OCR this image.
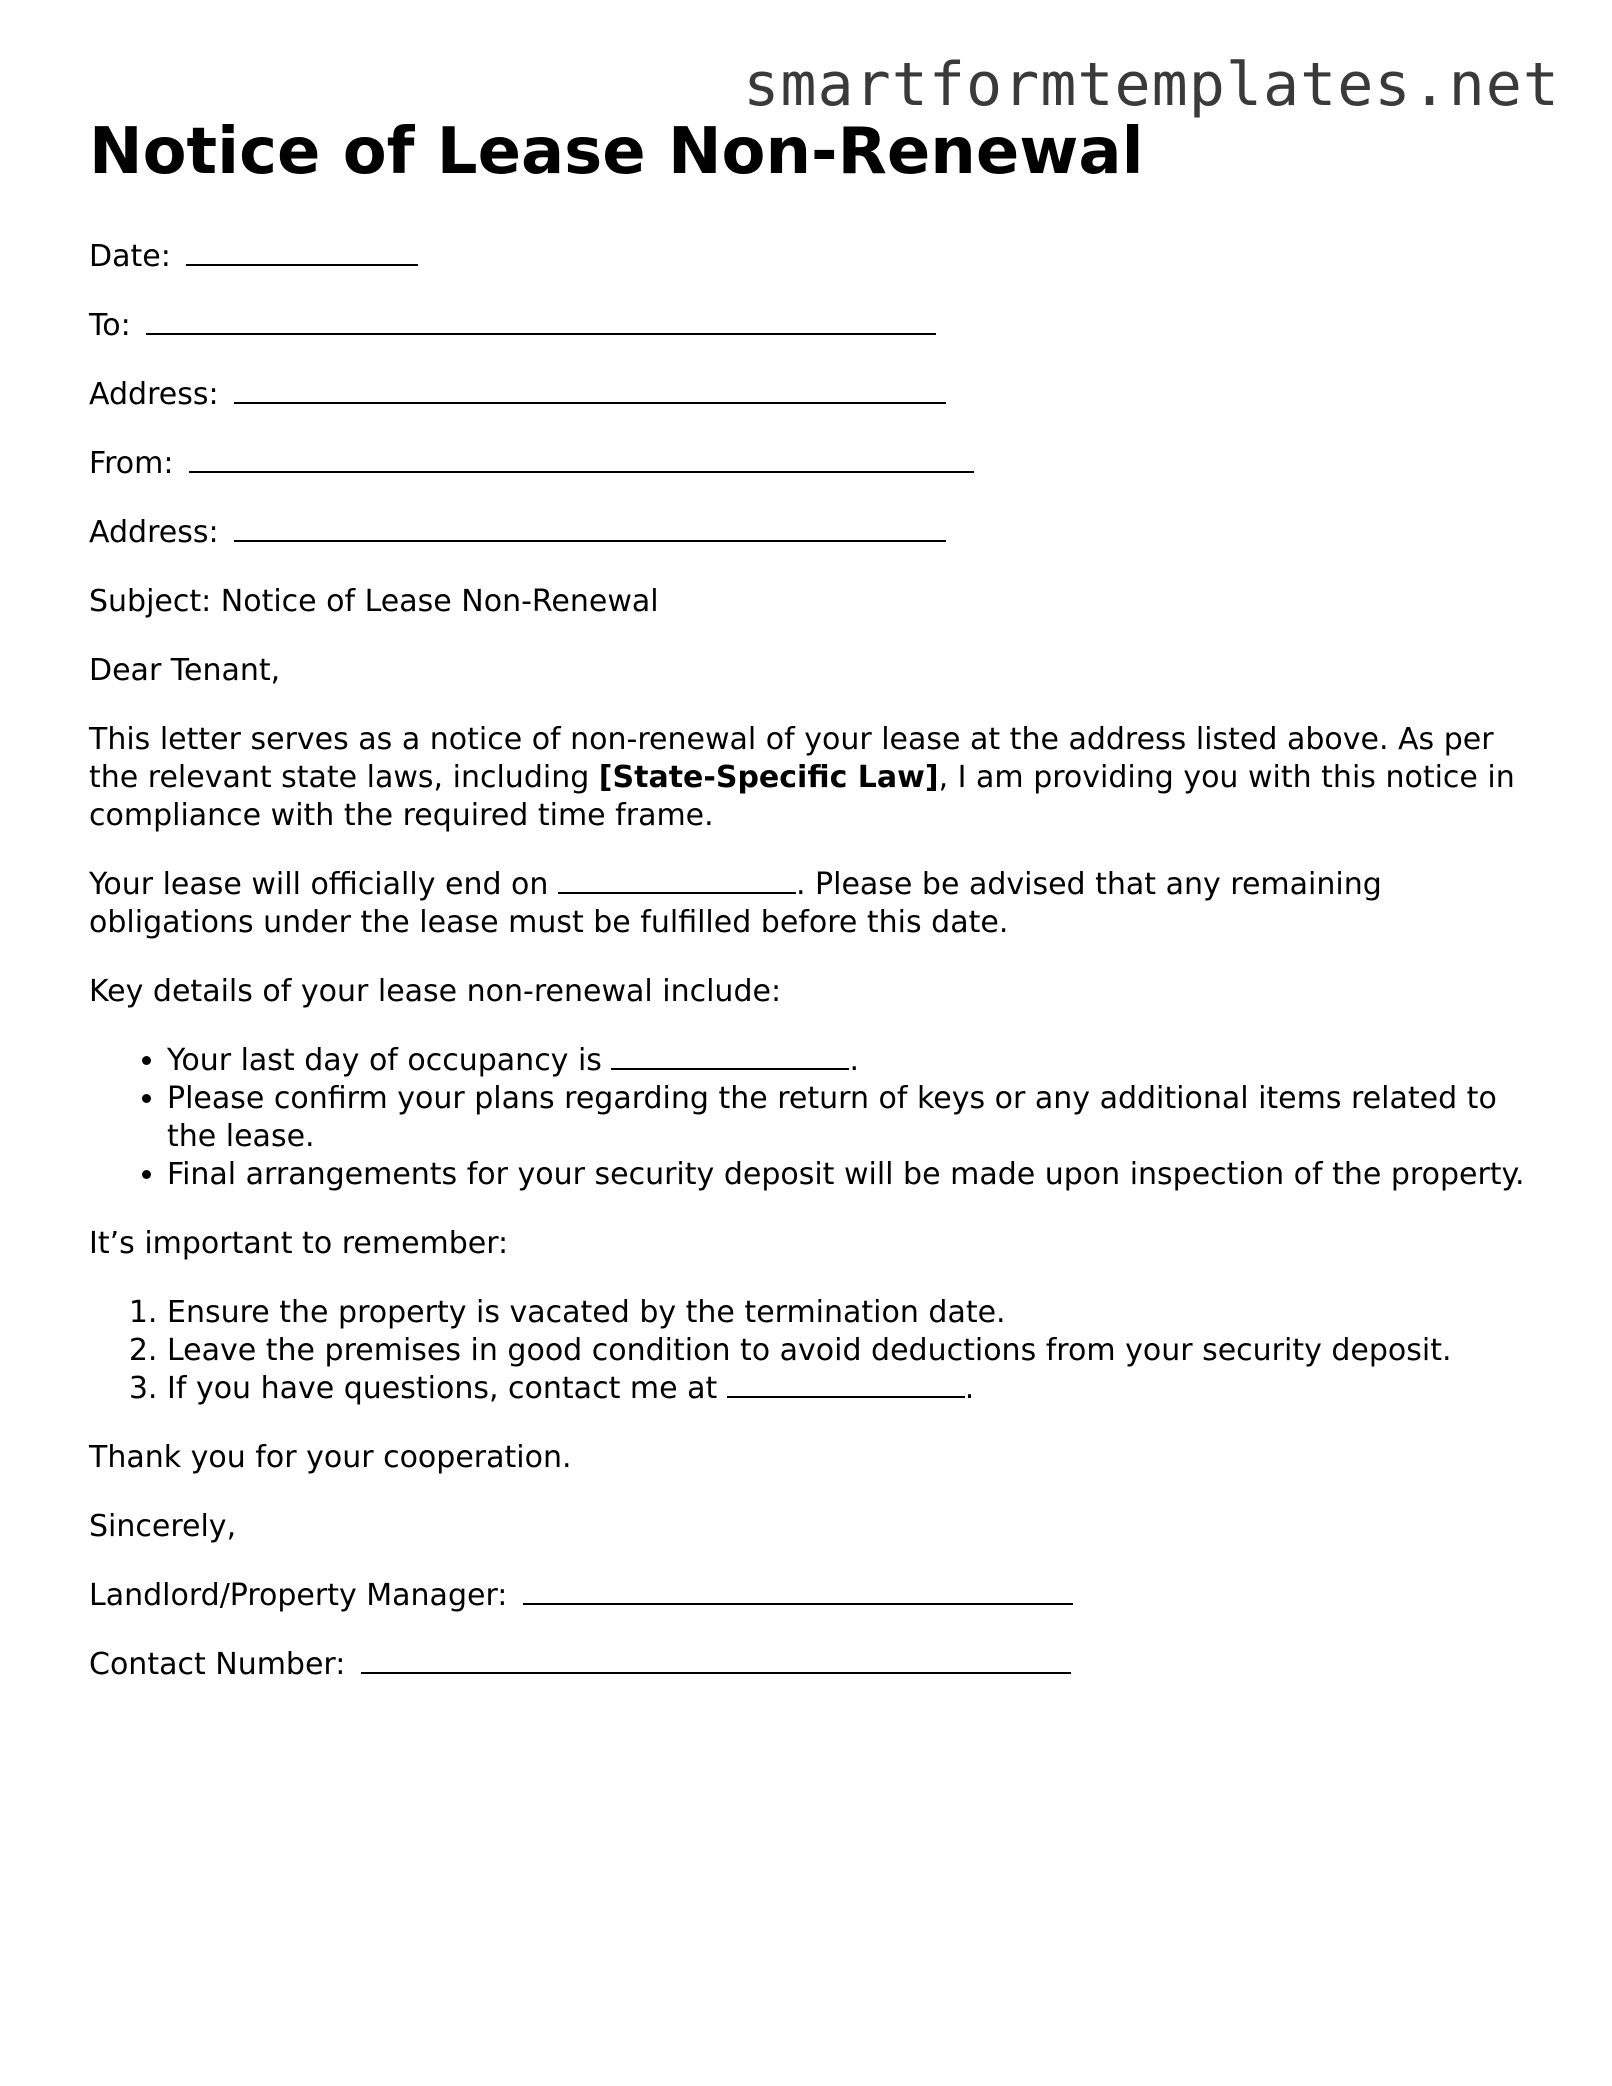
smartformtemplates.net
Notice of Lease Non-Renewal
Date:
To:
Address:
From:
Address:

Subject: Notice of Lease Non-Renewal

Dear Tenant,

This letter serves as a notice of non-renewal of your lease at the address listed above. As per the relevant state laws, including [State-Specific Law], I am providing you with this notice in compliance with the required time frame.

Your lease will officially end on	. Please be advised that any remaining obligations under the lease must be fulfilled before this date.

Key details of your lease non-renewal include:

• Your last day of occupancy is	.
• Please confirm your plans regarding the return of keys or any additional items related to the lease.
• Final arrangements for your security deposit will be made upon inspection of the property.

It’s important to remember:

1. Ensure the property is vacated by the termination date.
2. Leave the premises in good condition to avoid deductions from your security deposit.
3. If you have questions, contact me at	.

Thank you for your cooperation.

Sincerely,

Landlord/Property Manager:
Contact Number:
